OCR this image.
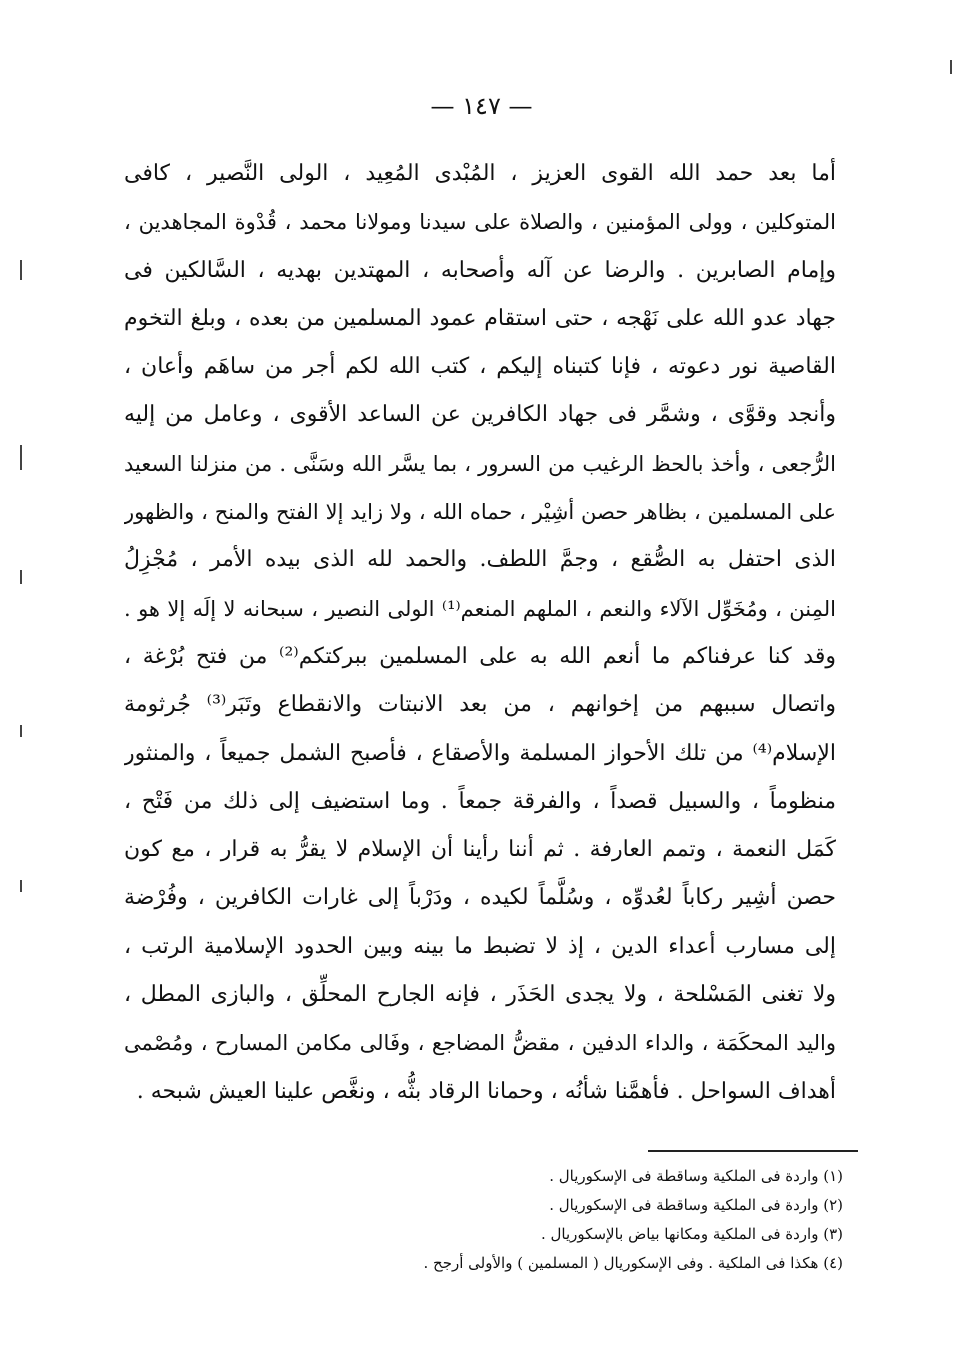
— ١٤٧ —
أما بعد حمد الله القوى العزيز ، المُبْدى المُعِيد ، الولى النَّصير ، كافى
المتوكلين ، وولى المؤمنين ، والصلاة على سيدنا ومولانا محمد ، قُدْوة المجاهدين ،
وإمام الصابرين . والرضا عن آله وأصحابه ، المهتدين بهديه ، السَّالكين فى
جهاد عدو الله على نَهْجه ، حتى استقام عمود المسلمين من بعده ، وبلغ التخوم
القاصية نور دعوته ، فإنا كتبناه إليكم ، كتب الله لكم أجر من ساهَم وأعان ،
وأنجد وقوَّى ، وشمَّر فى جهاد الكافرين عن الساعد الأقوى ، وعامل من إليه
الرُّجعى ، وأخذ بالحظ الرغيب من السرور ، بما يسَّر الله وسَنَّى . من منزلنا السعيد
على المسلمين ، بظاهر حصن أشِيْر ، حماه الله ، ولا زايد إلا الفتح والمنح ، والظهور
الذى احتفل به الصُّقع ، وجمَّ اللطف. والحمد لله الذى بيده الأمر ، مُجْزِلُ
المِنن ، ومُخَوِّل الآلاء والنعم ، الملهم المنعم⁽¹⁾ الولى النصير ، سبحانه لا إلَه إلا هو .
وقد كنا عرفناكم ما أنعم الله به على المسلمين ببركتكم⁽²⁾ من فتح بُرْغة ،
واتصال سببهم من إخوانهم ، من بعد الانبتات والانقطاع وتَبَر⁽³⁾ جُرثومة
الإسلام⁽⁴⁾ من تلك الأحواز المسلمة والأصقاع ، فأصبح الشمل جميعاً ، والمنثور
منظوماً ، والسبيل قصداً ، والفرقة جمعاً . وما استضيف إلى ذلك من فَتْح ،
كَمَل النعمة ، وتمم العارفة . ثم أننا رأينا أن الإسلام لا يقرُّ به قرار ، مع كون
حصن أشِير ركاباً لعُدوِّه ، وسُلَّماً لكيده ، ودَرْباً إلى غارات الكافرين ، وفُرْضة
إلى مسارب أعداء الدين ، إذ لا تضبط ما بينه وبين الحدود الإسلامية الرتب ،
ولا تغنى المَسْلحة ، ولا يجدى الحَذَر ، فإنه الجارح المحلِّق ، والبازى المطل ،
واليد المحكَمَة ، والداء الدفين ، مقضُّ المضاجع ، وفَالى مكامن المسارح ، ومُصْمى
أهداف السواحل . فأهمَّنا شأنُه ، وحمانا الرقاد بثُّه ، ونغَّص علينا العيش شبحه .
(١) واردة فى الملكية وساقطة فى الإسكوريال .
(٢) واردة فى الملكية وساقطة فى الإسكوريال .
(٣) واردة فى الملكية ومكانها بياض بالإسكوريال .
(٤) هكذا فى الملكية . وفى الإسكوريال ( المسلمين ) والأولى أرجح .
